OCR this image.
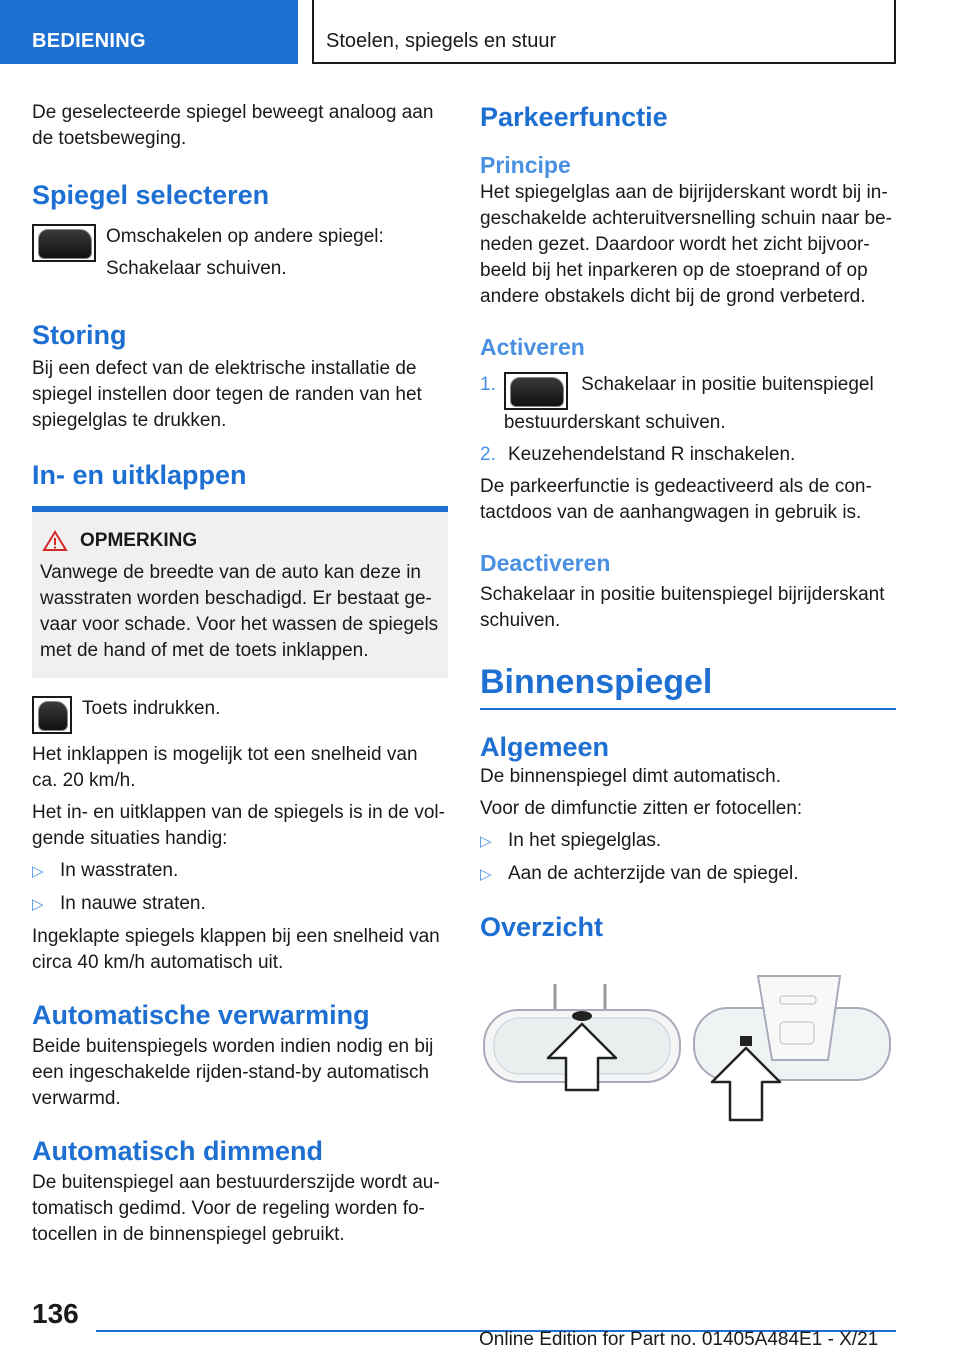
BEDIENING	Stoelen, spiegels en stuur

De geselecteerde spiegel beweegt analoog aan de toetsbeweging.

Spiegel selecteren

Omschakelen op andere spiegel:

Schakelaar schuiven.

Storing

Bij een defect van de elektrische installatie de spiegel instellen door tegen de randen van het spiegelglas te drukken.

In- en uitklappen
OPMERKING

Vanwege de breedte van de auto kan deze in wasstraten worden beschadigd. Er bestaat ge-vaar voor schade. Voor het wassen de spiegels met de hand of met de toets inklappen.

Toets indrukken.

Het inklappen is mogelijk tot een snelheid van ca. 20 km/h.

Het in- en uitklappen van de spiegels is in de vol-gende situaties handig:

▷ In wasstraten.
▷ In nauwe straten.

Ingeklapte spiegels klappen bij een snelheid van circa 40 km/h automatisch uit.

Automatische verwarming

Beide buitenspiegels worden indien nodig en bij een ingeschakelde rijden-stand-by automatisch verwarmd.

Automatisch dimmend

De buitenspiegel aan bestuurderszijde wordt au-tomatisch gedimd. Voor de regeling worden fo-tocellen in de binnenspiegel gebruikt.

Parkeerfunctie
Principe

Het spiegelglas aan de bijrijderskant wordt bij in-geschakelde achteruitversnelling schuin naar be-neden gezet. Daardoor wordt het zicht bijvoor-beeld bij het inparkeren op de stoeprand of op andere obstakels dicht bij de grond verbeterd.

Activeren
1.	Schakelaar in positie buitenspiegel bestuurderskant schuiven.
2. Keuzehendelstand R inschakelen.

De parkeerfunctie is gedeactiveerd als de con-tactdoos van de aanhangwagen in gebruik is.

Deactiveren

Schakelaar in positie buitenspiegel bijrijderskant schuiven.

Binnenspiegel
Algemeen

De binnenspiegel dimt automatisch.

Voor de dimfunctie zitten er fotocellen:

▷ In het spiegelglas.
▷ Aan de achterzijde van de spiegel.
Overzicht
136
Online Edition for Part no. 01405A484E1 - X/21
